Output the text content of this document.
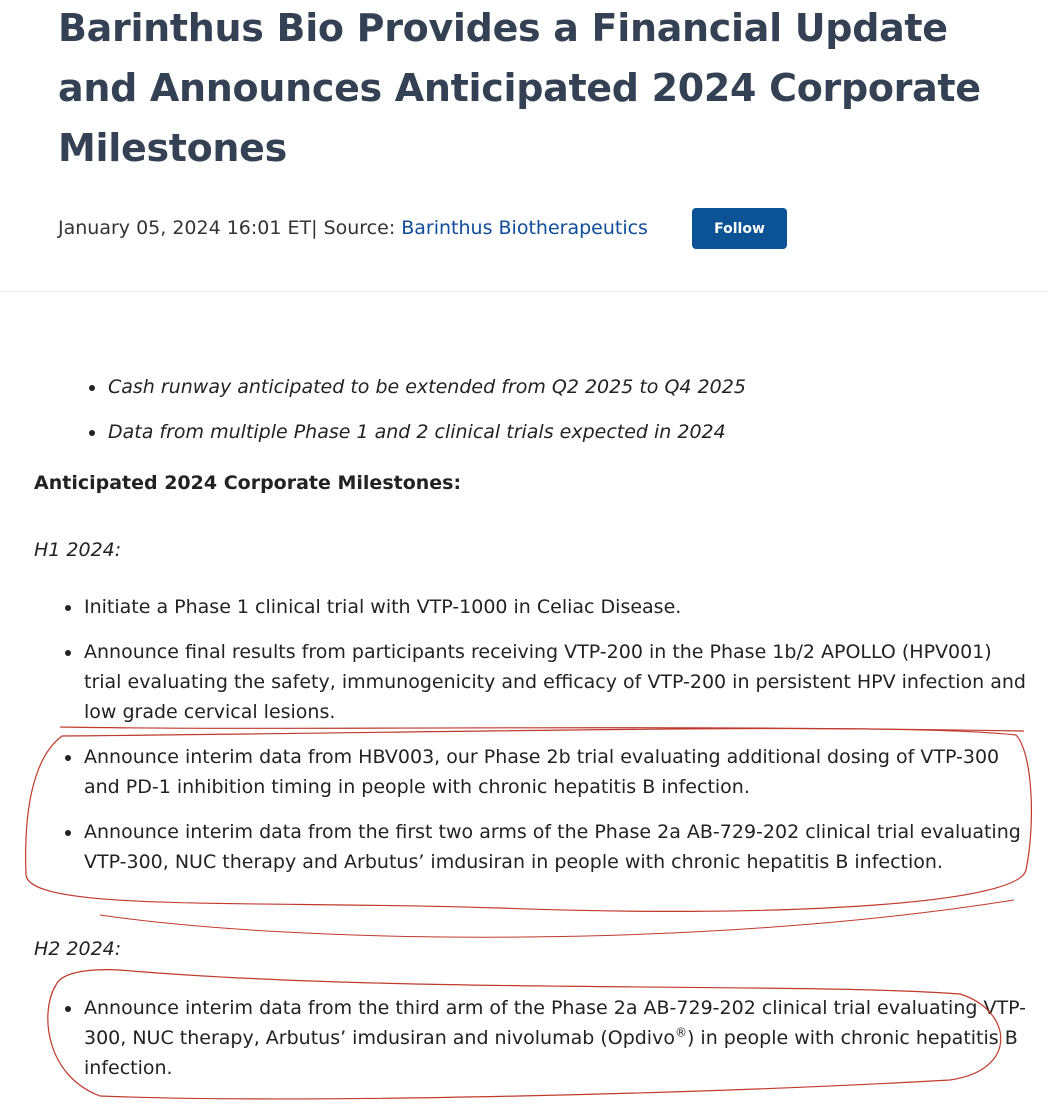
Barinthus Bio Provides a Financial Update and Announces Anticipated 2024 Corporate Milestones
January 05, 2024 16:01 ET | Source: Barinthus Biotherapeutics	Follow
Cash runway anticipated to be extended from Q2 2025 to Q4 2025
Data from multiple Phase 1 and 2 clinical trials expected in 2024
Anticipated 2024 Corporate Milestones:
H1 2024:
Initiate a Phase 1 clinical trial with VTP-1000 in Celiac Disease.
Announce final results from participants receiving VTP-200 in the Phase 1b/2 APOLLO (HPV001) trial evaluating the safety, immunogenicity and efficacy of VTP-200 in persistent HPV infection and low grade cervical lesions.
Announce interim data from HBV003, our Phase 2b trial evaluating additional dosing of VTP-300 and PD-1 inhibition timing in people with chronic hepatitis B infection.
Announce interim data from the first two arms of the Phase 2a AB-729-202 clinical trial evaluating VTP-300, NUC therapy and Arbutus’ imdusiran in people with chronic hepatitis B infection.
H2 2024:
Announce interim data from the third arm of the Phase 2a AB-729-202 clinical trial evaluating VTP-300, NUC therapy, Arbutus’ imdusiran and nivolumab (Opdivo®) in people with chronic hepatitis B infection.
